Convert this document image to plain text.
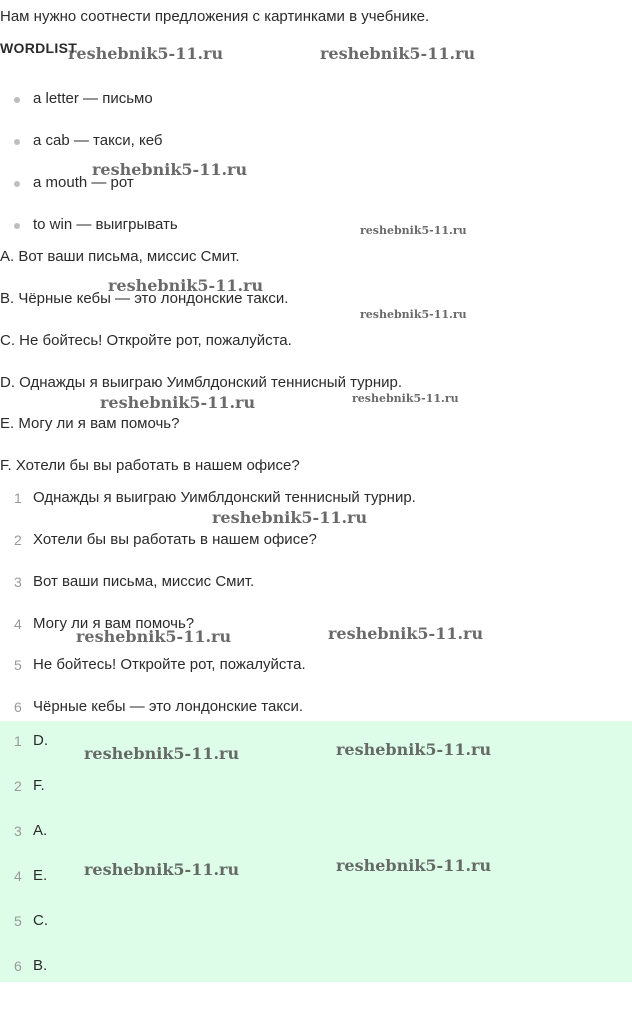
Нам нужно соотнести предложения с картинками в учебнике.
WORDLIST
a letter — письмо
a cab — такси, кеб
a mouth — рот
to win — выигрывать
A. Вот ваши письма, миссис Смит.
B. Чёрные кебы — это лондонские такси.
C. Не бойтесь! Откройте рот, пожалуйста.
D. Однажды я выиграю Уимблдонский теннисный турнир.
E. Могу ли я вам помочь?
F. Хотели бы вы работать в нашем офисе?
1 Однажды я выиграю Уимблдонский теннисный турнир.
2 Хотели бы вы работать в нашем офисе?
3 Вот ваши письма, миссис Смит.
4 Могу ли я вам помочь?
5 Не бойтесь! Откройте рот, пожалуйста.
6 Чёрные кебы — это лондонские такси.
1 D.
2 F.
3 A.
4 E.
5 C.
6 B.
reshebnik5-11.ru	reshebnik5-11.ru
reshebnik5-11.ru
reshebnik5-11.ru
reshebnik5-11.ru
reshebnik5-11.ru
reshebnik5-11.ru	reshebnik5-11.ru
reshebnik5-11.ru
reshebnik5-11.ru	reshebnik5-11.ru
reshebnik5-11.ru	reshebnik5-11.ru
reshebnik5-11.ru	reshebnik5-11.ru
